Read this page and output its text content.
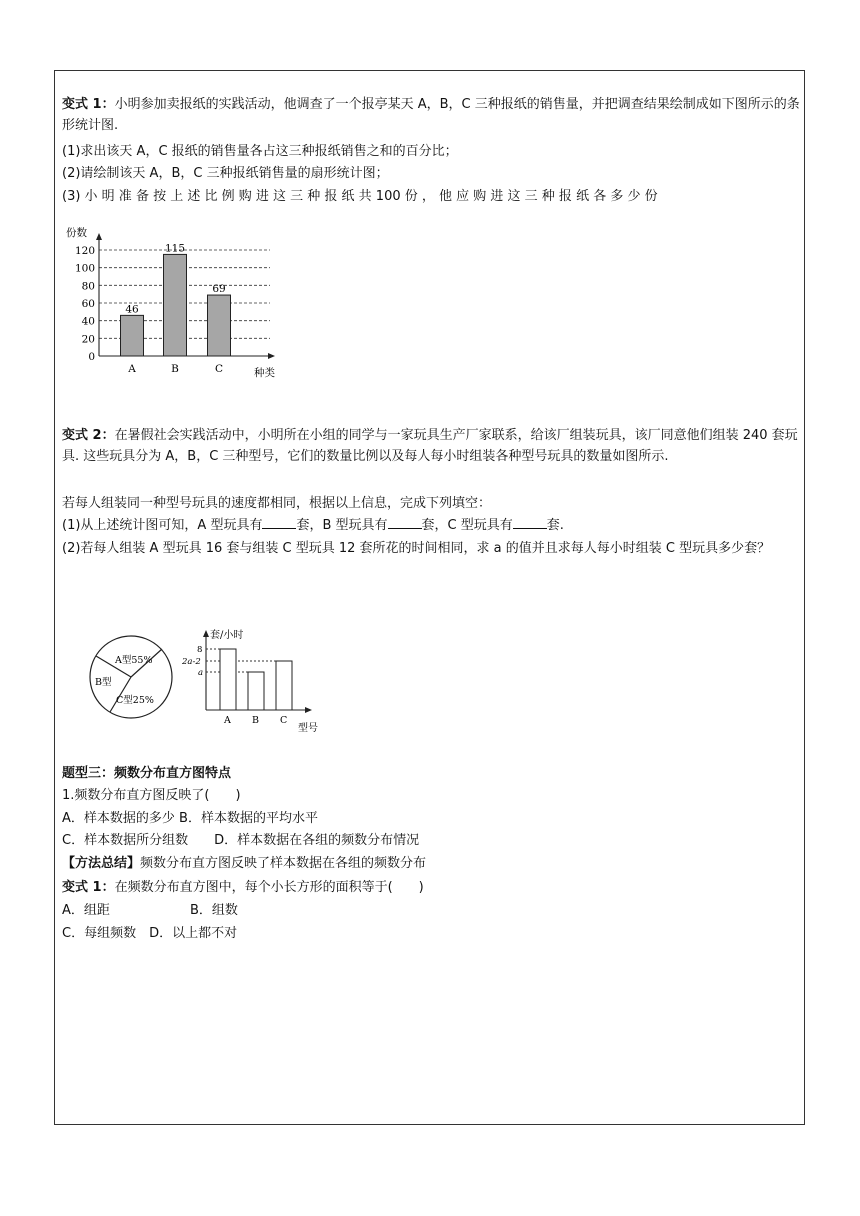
变式 1：小明参加卖报纸的实践活动，他调查了一个报亭某天 A，B，C 三种报纸的销售量，并把调查结果绘制成如下图所示的条形统计图.

(1)求出该天 A，C 报纸的销售量各占这三种报纸销售之和的百分比；

(2)请绘制该天 A，B，C 三种报纸销售量的扇形统计图；

(3) 小 明 准 备 按 上 述 比 例 购 进 这 三 种 报 纸 共 100 份 ， 他 应 购 进 这 三 种 报 纸 各 多 少 份

0
20
40
60
80
100
120
份数
种类
46
A
115
B
69
C

变式 2：在暑假社会实践活动中，小明所在小组的同学与一家玩具生产厂家联系，给该厂组装玩具，该厂同意他们组装 240 套玩具. 这些玩具分为 A，B，C 三种型号，它们的数量比例以及每人每小时组装各种型号玩具的数量如图所示.

若每人组装同一种型号玩具的速度都相同，根据以上信息，完成下列填空：

(1)从上述统计图可知，A 型玩具有	套，B 型玩具有	套，C 型玩具有	套.

(2)若每人组装 A 型玩具 16 套与组装 C 型玩具 12 套所花的时间相同，求 a 的值并且求每人每小时组装 C 型玩具多少套？

A型55%
B型
C型25%
套/小时
型号
8
2a-2
a
A B C

题型三：频数分布直方图特点

1.频数分布直方图反映了(　　)

A．样本数据的多少 B．样本数据的平均水平

C．样本数据所分组数　　 D．样本数据在各组的频数分布情况

【方法总结】频数分布直方图反映了样本数据在各组的频数分布

变式 1：在频数分布直方图中，每个小长方形的面积等于(　　)

A．组距	B．组数

C．每组频数　 D．以上都不对
